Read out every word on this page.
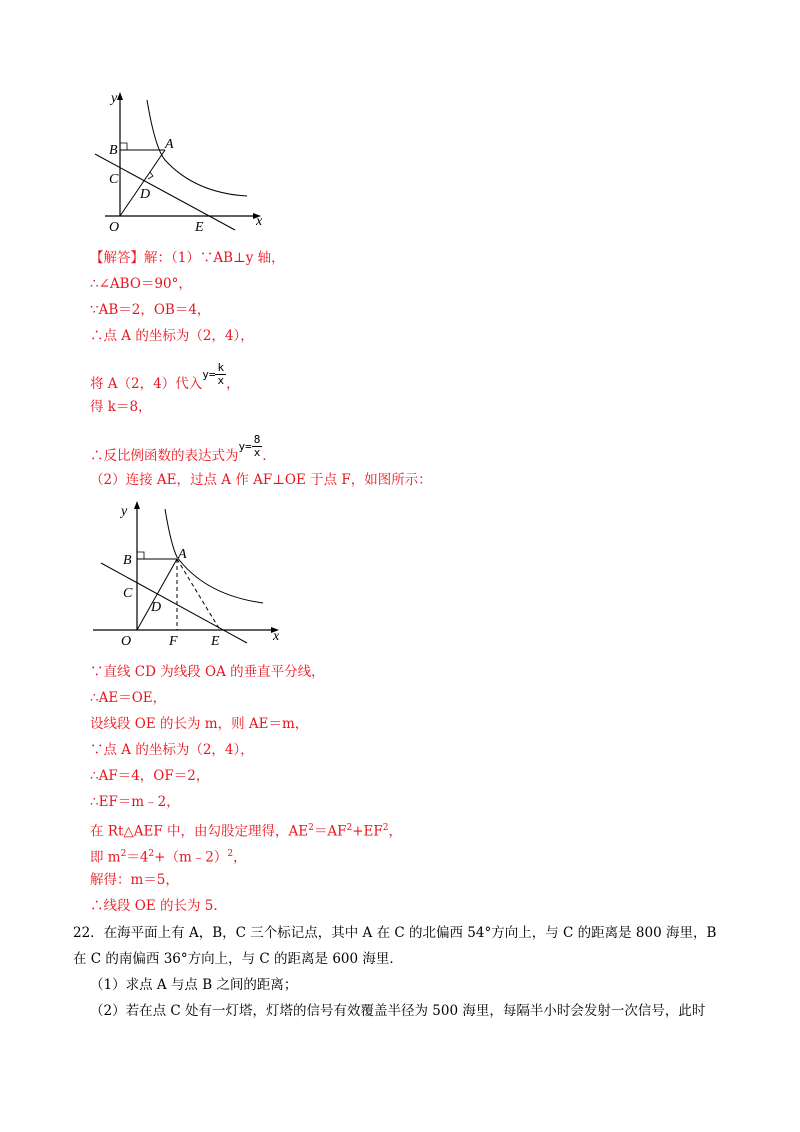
y
x
O
B	A
C
D
E
【解答】解：（1）∵AB⊥y 轴，
∴∠ABO＝90°，
∵AB＝2，OB＝4，
∴点 A 的坐标为（2，4），
将 A（2，4）代入$^{y=} \frac{k}{x}$ ，
得 k＝8，
∴反比例函数的表达式为$^{y=} \frac{8}{x}$ ．
（2）连接 AE，过点 A 作 AF⊥OE 于点 F，如图所示：
y
x
O
B	A
C
D
F E
∵直线 CD 为线段 OA 的垂直平分线，
∴AE＝OE，
设线段 OE 的长为 m，则 AE＝m，
∵点 A 的坐标为（2，4），
∴AF＝4，OF＝2，
∴EF＝m﹣2，
在 Rt△AEF 中，由勾股定理得，$AE^2=AF^2+EF^2$，
即 $m^2=4^2+(m﹣2)^2$，
解得：m＝5，
∴线段 OE 的长为 5.
22．在海平面上有 A，B，C 三个标记点，其中 A 在 C 的北偏西 54°方向上，与 C 的距离是 800 海里，B 在 C 的南偏西 36°方向上，与 C 的距离是 600 海里．
（1）求点 A 与点 B 之间的距离；
（2）若在点 C 处有一灯塔，灯塔的信号有效覆盖半径为 500 海里，每隔半小时会发射一次信号，此时
